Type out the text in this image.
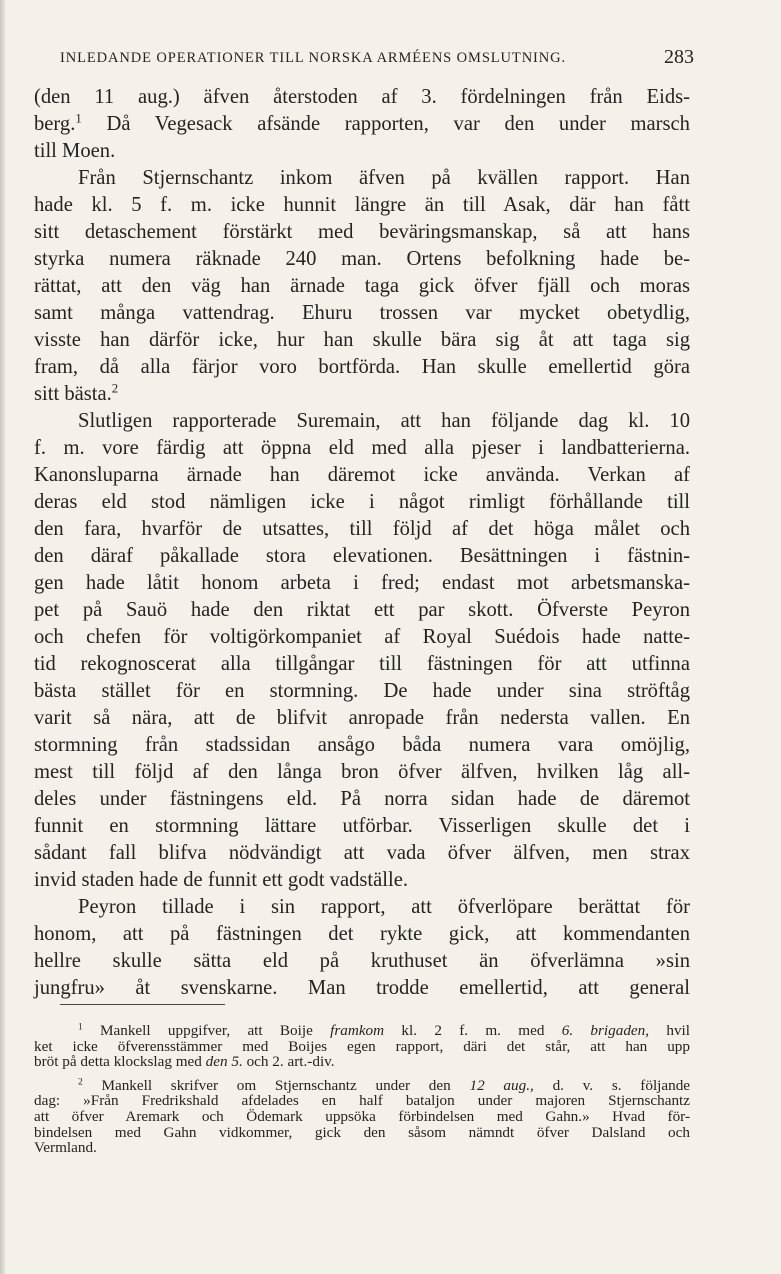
INLEDANDE OPERATIONER TILL NORSKA ARMÉENS OMSLUTNING.	283
(den 11 aug.) äfven återstoden af 3. fördelningen från Eids-
berg.$^1$ Då Vegesack afsände rapporten, var den under marsch
till Moen.
Från Stjernschantz inkom äfven på kvällen rapport. Han
hade kl. 5 f. m. icke hunnit längre än till Asak, där han fått
sitt detaschement förstärkt med beväringsmanskap, så att hans
styrka numera räknade 240 man. Ortens befolkning hade be-
rättat, att den väg han ärnade taga gick öfver fjäll och moras
samt många vattendrag. Ehuru trossen var mycket obetydlig,
visste han därför icke, hur han skulle bära sig åt att taga sig
fram, då alla färjor voro bortförda. Han skulle emellertid göra
sitt bästa.$^2$
Slutligen rapporterade Suremain, att han följande dag kl. 10
f. m. vore färdig att öppna eld med alla pjeser i landbatterierna.
Kanonsluparna ärnade han däremot icke använda. Verkan af
deras eld stod nämligen icke i något rimligt förhållande till
den fara, hvarför de utsattes, till följd af det höga målet och
den däraf påkallade stora elevationen. Besättningen i fästnin-
gen hade låtit honom arbeta i fred; endast mot arbetsmanska-
pet på Sauö hade den riktat ett par skott. Öfverste Peyron
och chefen för voltigörkompaniet af Royal Suédois hade natte-
tid rekognoscerat alla tillgångar till fästningen för att utfinna
bästa stället för en stormning. De hade under sina ströftåg
varit så nära, att de blifvit anropade från nedersta vallen. En
stormning från stadssidan ansågo båda numera vara omöjlig,
mest till följd af den långa bron öfver älfven, hvilken låg all-
deles under fästningens eld. På norra sidan hade de däremot
funnit en stormning lättare utförbar. Visserligen skulle det i
sådant fall blifva nödvändigt att vada öfver älfven, men strax
invid staden hade de funnit ett godt vadställe.
Peyron tillade i sin rapport, att öfverlöpare berättat för
honom, att på fästningen det rykte gick, att kommendanten
hellre skulle sätta eld på kruthuset än öfverlämna »sin
jungfru» åt svenskarne. Man trodde emellertid, att general
$^1$ Mankell uppgifver, att Boije framkom kl. 2 f. m. med 6. brigaden, hvil
ket icke öfverensstämmer med Boijes egen rapport, däri det står, att han upp
bröt på detta klockslag med den 5. och 2. art.-div.
$^2$ Mankell skrifver om Stjernschantz under den 12 aug., d. v. s. följande
dag: »Från Fredrikshald afdelades en half bataljon under majoren Stjernschantz
att öfver Aremark och Ödemark uppsöka förbindelsen med Gahn.» Hvad för-
bindelsen med Gahn vidkommer, gick den såsom nämndt öfver Dalsland och
Vermland.
